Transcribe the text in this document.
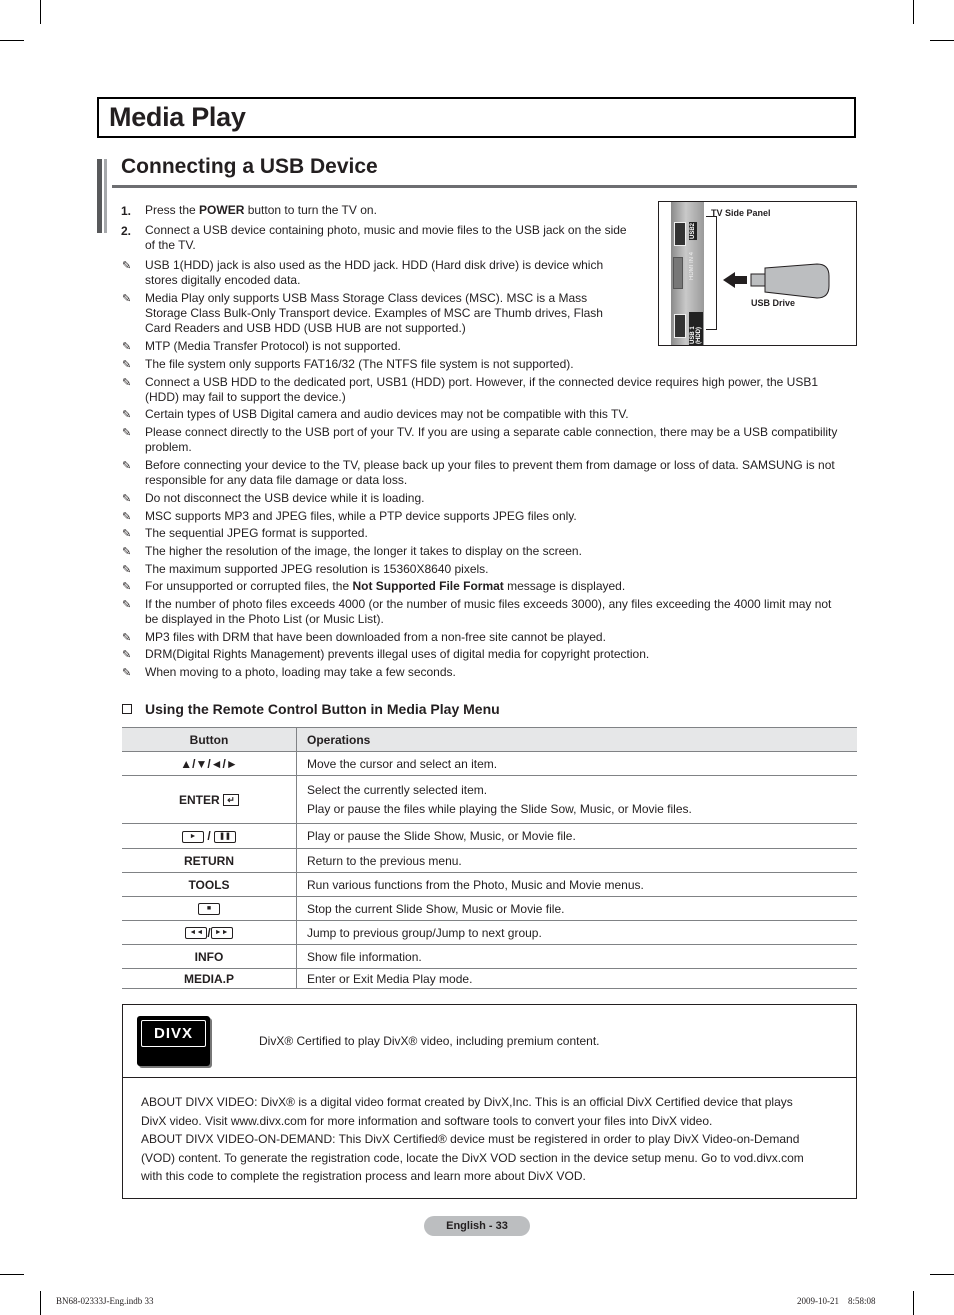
Media Play
Connecting a USB Device
1. Press the POWER button to turn the TV on.
2. Connect a USB device containing photo, music and movie files to the USB jack on the side
of the TV.
✎
USB 1(HDD) jack is also used as the HDD jack. HDD (Hard disk drive) is device which
stores digitally encoded data.
✎
Media Play only supports USB Mass Storage Class devices (MSC). MSC is a Mass
Storage Class Bulk-Only Transport device. Examples of MSC are Thumb drives, Flash
Card Readers and USB HDD (USB HUB are not supported.)
✎
MTP (Media Transfer Protocol) is not supported.
✎
The file system only supports FAT16/32 (The NTFS file system is not supported).
✎
Connect a USB HDD to the dedicated port, USB1 (HDD) port. However, if the connected device requires high power, the USB1
(HDD) may fail to support the device.)
✎
Certain types of USB Digital camera and audio devices may not be compatible with this TV.
✎
Please connect directly to the USB port of your TV. If you are using a separate cable connection, there may be a USB compatibility
problem.
✎
Before connecting your device to the TV, please back up your files to prevent them from damage or loss of data. SAMSUNG is not
responsible for any data file damage or data loss.
✎
Do not disconnect the USB device while it is loading.
✎
MSC supports MP3 and JPEG files, while a PTP device supports JPEG files only.
✎
The sequential JPEG format is supported.
✎
The higher the resolution of the image, the longer it takes to display on the screen.
✎
The maximum supported JPEG resolution is 15360X8640 pixels.
✎
For unsupported or corrupted files, the Not Supported File Format message is displayed.
✎
If the number of photo files exceeds 4000 (or the number of music files exceeds 3000), any files exceeding the 4000 limit may not
be displayed in the Photo List (or Music List).
✎
MP3 files with DRM that have been downloaded from a non-free site cannot be played.
✎
DRM(Digital Rights Management) prevents illegal uses of digital media for copyright protection.
✎
When moving to a photo, loading may take a few seconds.
USB2
HDMI IN 4
USB 1 (HDD)
TV Side Panel
USB Drive
Using the Remote Control Button in Media Play Menu
Button	Operations
▲/▼/◄/►	Move the cursor and select an item.
ENTER ↵	Select the currently selected item.
Play or pause the files while playing the Slide Sow, Music, or Movie files.

► / ❚❚	Play or pause the Slide Show, Music, or Movie file.
RETURN	Return to the previous menu.
TOOLS	Run various functions from the Photo, Music and Movie menus.
■	Stop the current Slide Show, Music or Movie file.
◄◄ / ►►	Jump to previous group/Jump to next group.
INFO	Show file information.
MEDIA.P	Enter or Exit Media Play mode.
DIVX	DivX® Certified to play DivX® video, including premium content.
ABOUT DIVX VIDEO: DivX® is a digital video format created by DivX,Inc. This is an official DivX Certified device that plays
DivX video. Visit www.divx.com for more information and software tools to convert your files into DivX video.
ABOUT DIVX VIDEO-ON-DEMAND: This DivX Certified® device must be registered in order to play DivX Video-on-Demand
(VOD) content. To generate the registration code, locate the DivX VOD section in the device setup menu. Go to vod.divx.com
with this code to complete the registration process and learn more about DivX VOD.
English - 33
BN68-02333J-Eng.indb 33	2009-10-21    8:58:08
